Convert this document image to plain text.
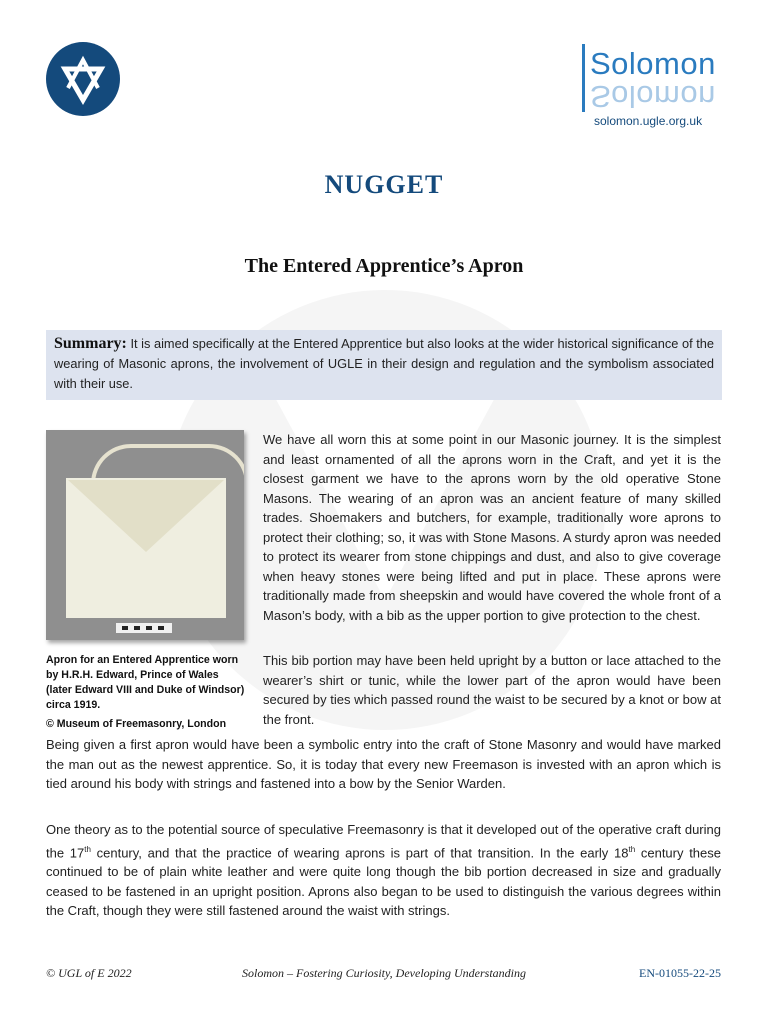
Solomon
Solomon
solomon.ugle.org.uk
NUGGET
The Entered Apprentice’s Apron
Summary: It is aimed specifically at the Entered Apprentice but also looks at the wider historical significance of the wearing of Masonic aprons, the involvement of UGLE in their design and regulation and the symbolism associated with their use.
Apron for an Entered Apprentice worn by H.R.H. Edward, Prince of Wales (later Edward VIII and Duke of Windsor) circa 1919.
© Museum of Freemasonry, London

We have all worn this at some point in our Masonic journey. It is the simplest and least ornamented of all the aprons worn in the Craft, and yet it is the closest garment we have to the aprons worn by the old operative Stone Masons. The wearing of an apron was an ancient feature of many skilled trades. Shoemakers and butchers, for example, traditionally wore aprons to protect their clothing; so, it was with Stone Masons. A sturdy apron was needed to protect its wearer from stone chippings and dust, and also to give coverage when heavy stones were being lifted and put in place. These aprons were traditionally made from sheepskin and would have covered the whole front of a Mason’s body, with a bib as the upper portion to give protection to the chest.

This bib portion may have been held upright by a button or lace attached to the wearer’s shirt or tunic, while the lower part of the apron would have been secured by ties which passed round the waist to be secured by a knot or bow at the front.

Being given a first apron would have been a symbolic entry into the craft of Stone Masonry and would have marked the man out as the newest apprentice. So, it is today that every new Freemason is invested with an apron which is tied around his body with strings and fastened into a bow by the Senior Warden.

One theory as to the potential source of speculative Freemasonry is that it developed out of the operative craft during the 17th century, and that the practice of wearing aprons is part of that transition. In the early 18th century these continued to be of plain white leather and were quite long though the bib portion decreased in size and gradually ceased to be fastened in an upright position. Aprons also began to be used to distinguish the various degrees within the Craft, though they were still fastened around the waist with strings.

© UGL of E 2022	Solomon – Fostering Curiosity, Developing Understanding	EN-01055-22-25
